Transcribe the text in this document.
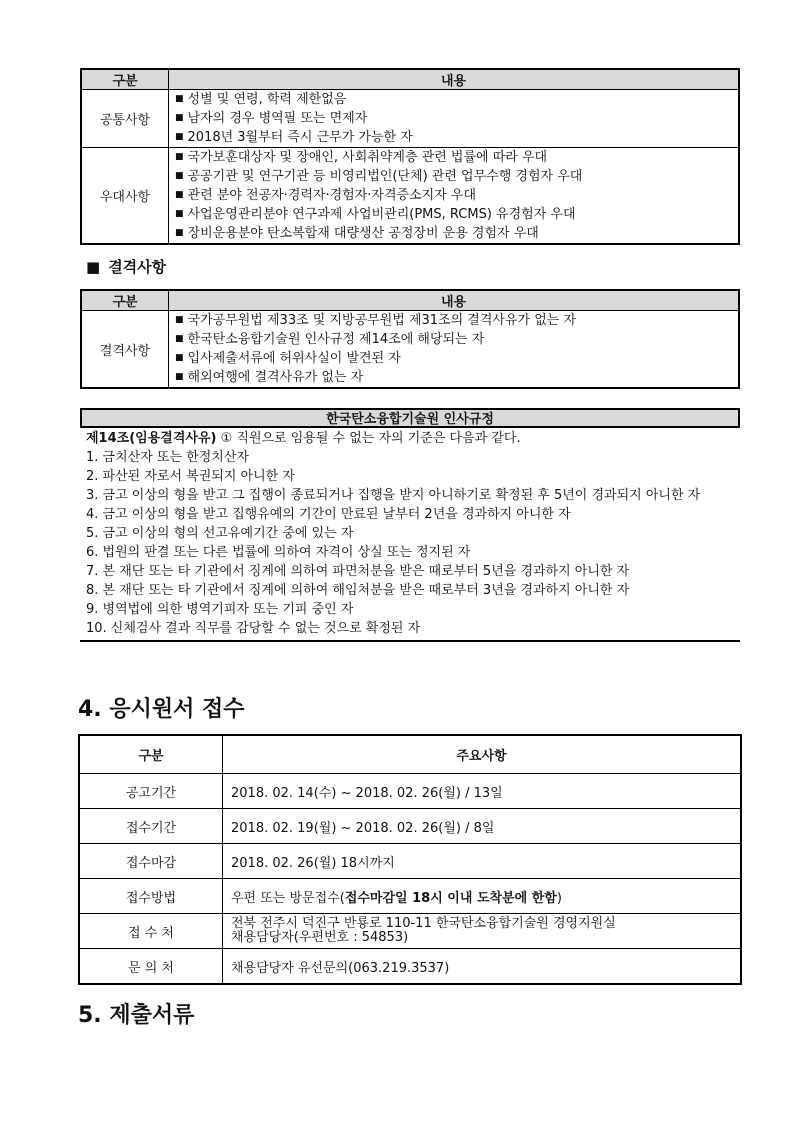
구분	내용
공통사항	■ 성별 및 연령, 학력 제한없음
■ 남자의 경우 병역필 또는 면제자
■ 2018년 3월부터 즉시 근무가 가능한 자

우대사항	■ 국가보훈대상자 및 장애인, 사회취약계층 관련 법률에 따라 우대
■ 공공기관 및 연구기관 등 비영리법인(단체) 관련 업무수행 경험자 우대
■ 관련 분야 전공자·경력자·경험자·자격증소지자 우대
■ 사업운영관리분야 연구과제 사업비관리(PMS, RCMS) 유경험자 우대
■ 장비운용분야 탄소복합재 대량생산 공정장비 운용 경험자 우대
■ 결격사항
구분	내용
결격사항	■ 국가공무원법 제33조 및 지방공무원법 제31조의 결격사유가 없는 자
■ 한국탄소융합기술원 인사규정 제14조에 해당되는 자
■ 입사제출서류에 허위사실이 발견된 자
■ 해외여행에 결격사유가 없는 자
한국탄소융합기술원 인사규정
제14조(임용결격사유) ① 직원으로 임용될 수 없는 자의 기준은 다음과 같다.
1. 금치산자 또는 한정치산자
2. 파산된 자로서 복권되지 아니한 자
3. 금고 이상의 형을 받고 그 집행이 종료되거나 집행을 받지 아니하기로 확정된 후 5년이 경과되지 아니한 자
4. 금고 이상의 형을 받고 집행유예의 기간이 만료된 날부터 2년을 경과하지 아니한 자
5. 금고 이상의 형의 선고유예기간 중에 있는 자
6. 법원의 판결 또는 다른 법률에 의하여 자격이 상실 또는 정지된 자
7. 본 재단 또는 타 기관에서 징계에 의하여 파면처분을 받은 때로부터 5년을 경과하지 아니한 자
8. 본 재단 또는 타 기관에서 징계에 의하여 해임처분을 받은 때로부터 3년을 경과하지 아니한 자
9. 병역법에 의한 병역기피자 또는 기피 중인 자
10. 신체검사 결과 직무를 감당할 수 없는 것으로 확정된 자
4. 응시원서 접수
구분	주요사항
공고기간	2018. 02. 14(수) ~ 2018. 02. 26(월) / 13일
접수기간	2018. 02. 19(월) ~ 2018. 02. 26(월) / 8일
접수마감	2018. 02. 26(월) 18시까지
접수방법	우편 또는 방문접수(접수마감일 18시 이내 도착분에 한함)
접 수 처	전북 전주시 덕진구 반룡로 110-11 한국탄소융합기술원 경영지원실
채용담당자(우편번호 : 54853)

문 의 처	채용담당자 유선문의(063.219.3537)
5. 제출서류
